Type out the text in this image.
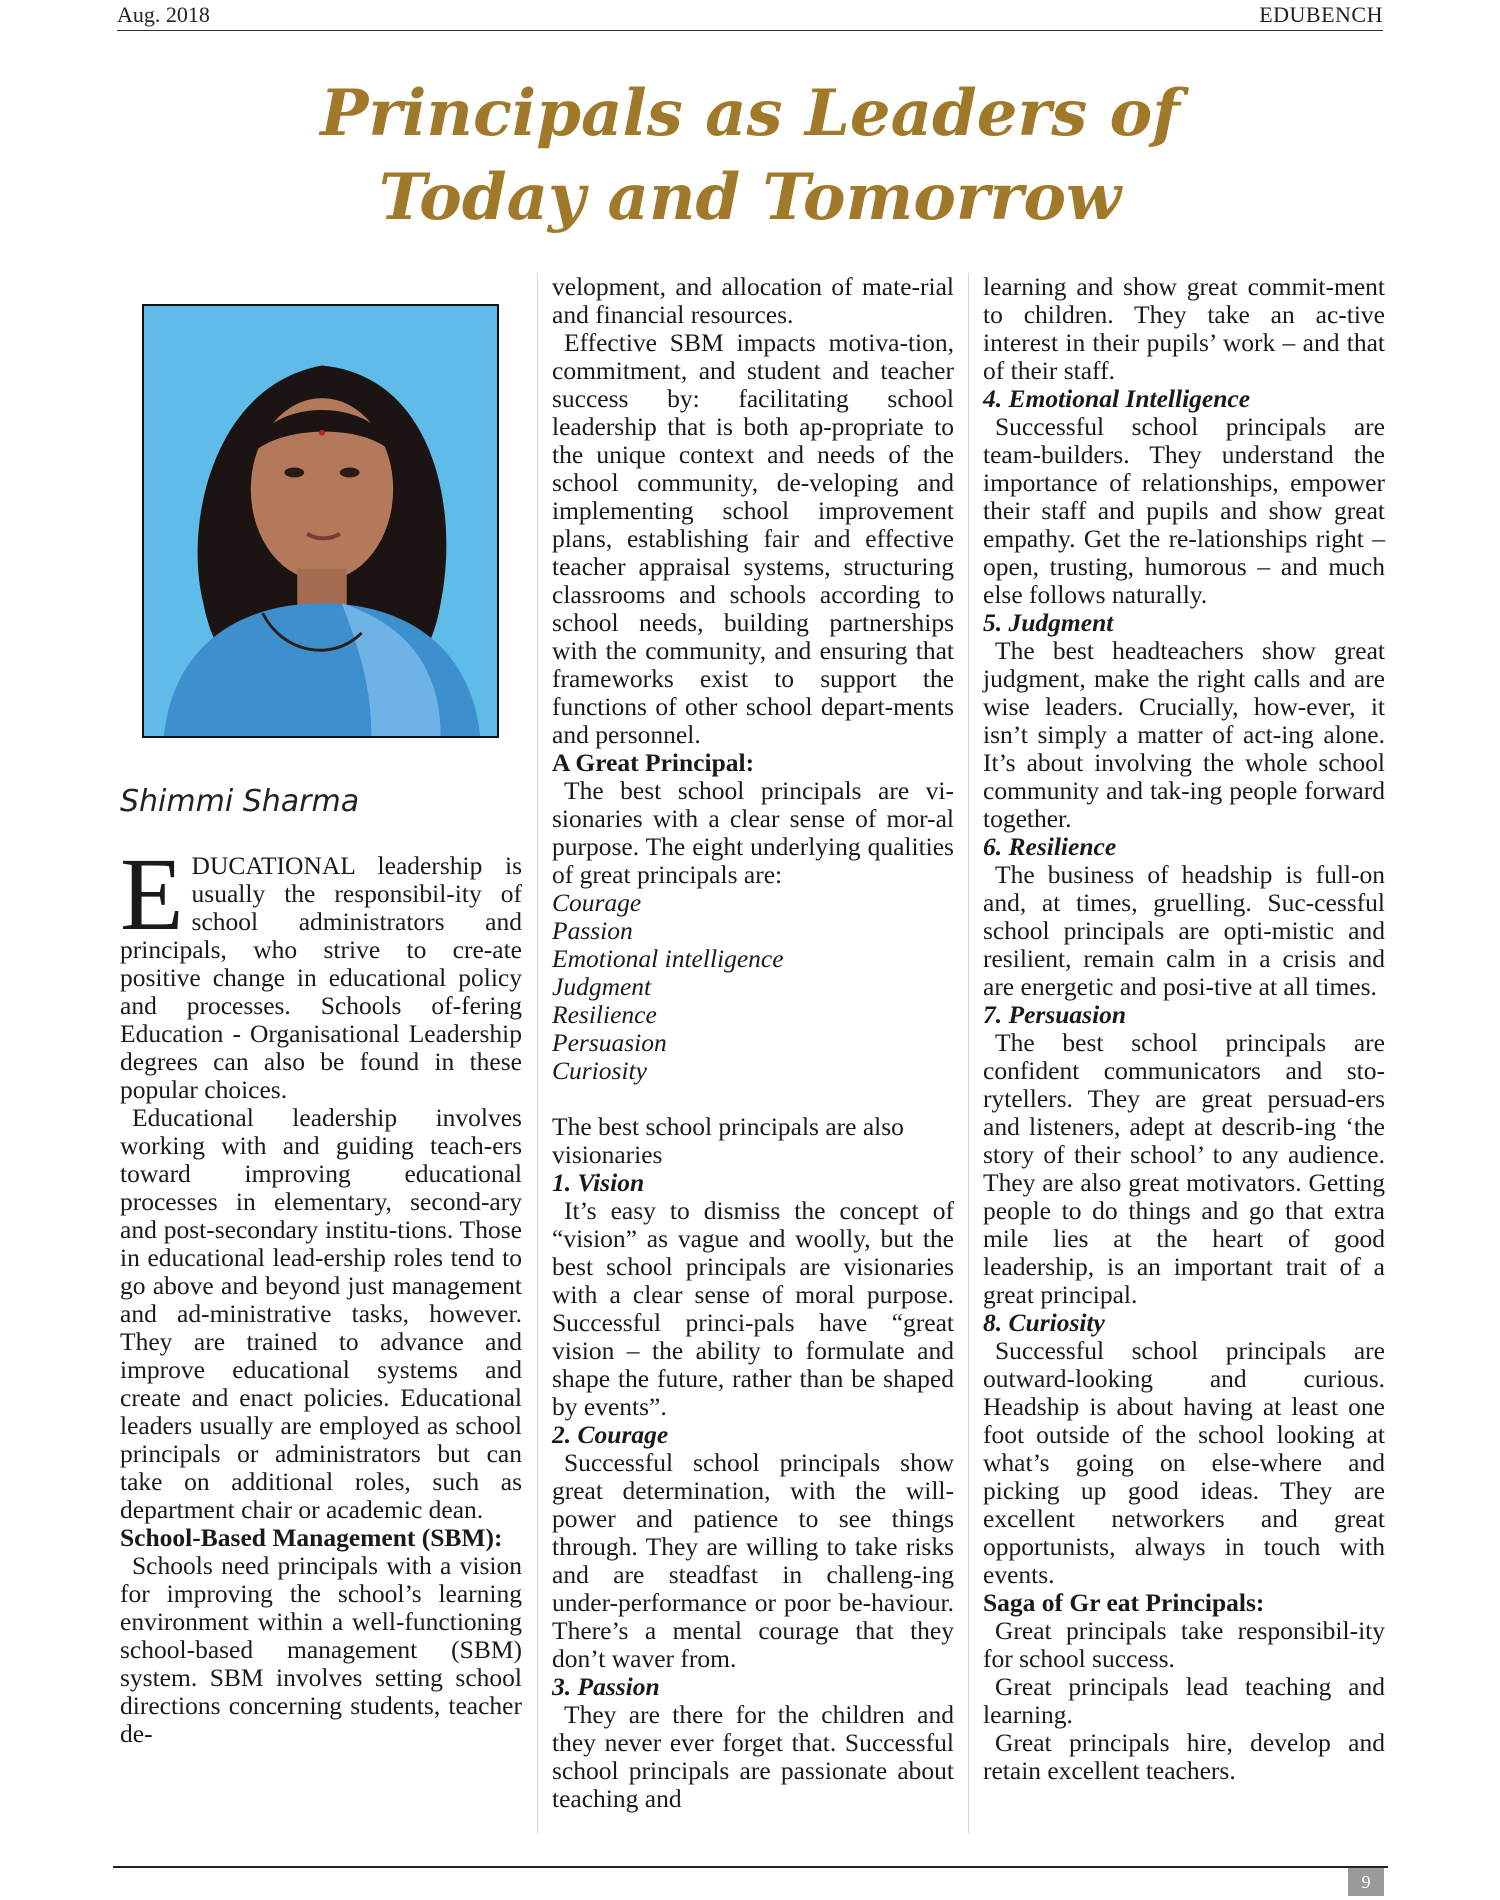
Aug. 2018	EDUBENCH
Principals as Leaders of
Today and Tomorrow
Shimmi Sharma

EDUCATIONAL leadership is usually the responsibil-ity of school administrators and principals, who strive to cre-ate positive change in educational policy and processes. Schools of-fering Education - Organisational Leadership degrees can also be found in these popular choices.

Educational leadership involves working with and guiding teach-ers toward improving educational processes in elementary, second-ary and post-secondary institu-tions. Those in educational lead-ership roles tend to go above and beyond just management and ad-ministrative tasks, however. They are trained to advance and improve educational systems and create and enact policies. Educational leaders usually are employed as school principals or administrators but can take on additional roles, such as department chair or academic dean.

School-Based Management (SBM):

Schools need principals with a vision for improving the school’s learning environment within a well-functioning school-based management (SBM) system. SBM involves setting school directions concerning students, teacher de-

velopment, and allocation of mate-rial and financial resources.

Effective SBM impacts motiva-tion, commitment, and student and teacher success by: facilitating school leadership that is both ap-propriate to the unique context and needs of the school community, de-veloping and implementing school improvement plans, establishing fair and effective teacher appraisal systems, structuring classrooms and schools according to school needs, building partnerships with the community, and ensuring that frameworks exist to support the functions of other school depart-ments and personnel.

A Great Principal:

The best school principals are vi-sionaries with a clear sense of mor-al purpose. The eight underlying qualities of great principals are:

Courage

Passion

Emotional intelligence

Judgment

Resilience

Persuasion

Curiosity

The best school principals are also visionaries

1. Vision

It’s easy to dismiss the concept of “vision” as vague and woolly, but the best school principals are visionaries with a clear sense of moral purpose. Successful princi-pals have “great vision – the ability to formulate and shape the future, rather than be shaped by events”.

2. Courage

Successful school principals show great determination, with the will-power and patience to see things through. They are willing to take risks and are steadfast in challeng-ing under-performance or poor be-haviour. There’s a mental courage that they don’t waver from.

3. Passion

They are there for the children and they never ever forget that. Successful school principals are passionate about teaching and

learning and show great commit-ment to children. They take an ac-tive interest in their pupils’ work – and that of their staff.

4. Emotional Intelligence

Successful school principals are team-builders. They understand the importance of relationships, empower their staff and pupils and show great empathy. Get the re-lationships right – open, trusting, humorous – and much else follows naturally.

5. Judgment

The best headteachers show great judgment, make the right calls and are wise leaders. Crucially, how-ever, it isn’t simply a matter of act-ing alone. It’s about involving the whole school community and tak-ing people forward together.

6. Resilience

The business of headship is full-on and, at times, gruelling. Suc-cessful school principals are opti-mistic and resilient, remain calm in a crisis and are energetic and posi-tive at all times.

7. Persuasion

The best school principals are confident communicators and sto-rytellers. They are great persuad-ers and listeners, adept at describ-ing ‘the story of their school’ to any audience. They are also great motivators. Getting people to do things and go that extra mile lies at the heart of good leadership, is an important trait of a great principal.

8. Curiosity

Successful school principals are outward-looking and curious. Headship is about having at least one foot outside of the school looking at what’s going on else-where and picking up good ideas. They are excellent networkers and great opportunists, always in touch with events.

Saga of Gr eat Principals:

Great principals take responsibil-ity for school success.

Great principals lead teaching and learning.

Great principals hire, develop and retain excellent teachers.

9
